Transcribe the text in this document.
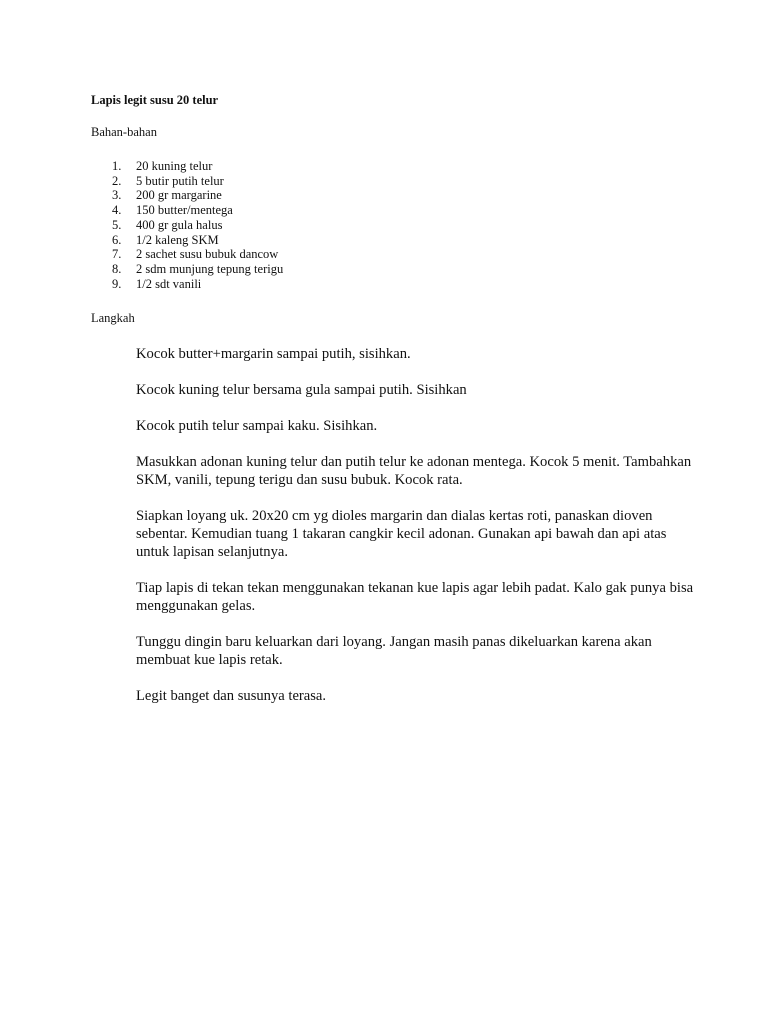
Lapis legit susu 20 telur
Bahan-bahan
1.	20 kuning telur
2.	5 butir putih telur
3.	200 gr margarine
4.	150 butter/mentega
5.	400 gr gula halus
6.	1/2 kaleng SKM
7.	2 sachet susu bubuk dancow
8.	2 sdm munjung tepung terigu
9.	1/2 sdt vanili
Langkah

Kocok butter+margarin sampai putih, sisihkan.

Kocok kuning telur bersama gula sampai putih. Sisihkan

Kocok putih telur sampai kaku. Sisihkan.

Masukkan adonan kuning telur dan putih telur ke adonan mentega. Kocok 5 menit. Tambahkan SKM, vanili, tepung terigu dan susu bubuk. Kocok rata.

Siapkan loyang uk. 20x20 cm yg dioles margarin dan dialas kertas roti, panaskan dioven sebentar. Kemudian tuang 1 takaran cangkir kecil adonan. Gunakan api bawah dan api atas untuk lapisan selanjutnya.

Tiap lapis di tekan tekan menggunakan tekanan kue lapis agar lebih padat. Kalo gak punya bisa menggunakan gelas.

Tunggu dingin baru keluarkan dari loyang. Jangan masih panas dikeluarkan karena akan membuat kue lapis retak.

Legit banget dan susunya terasa.
